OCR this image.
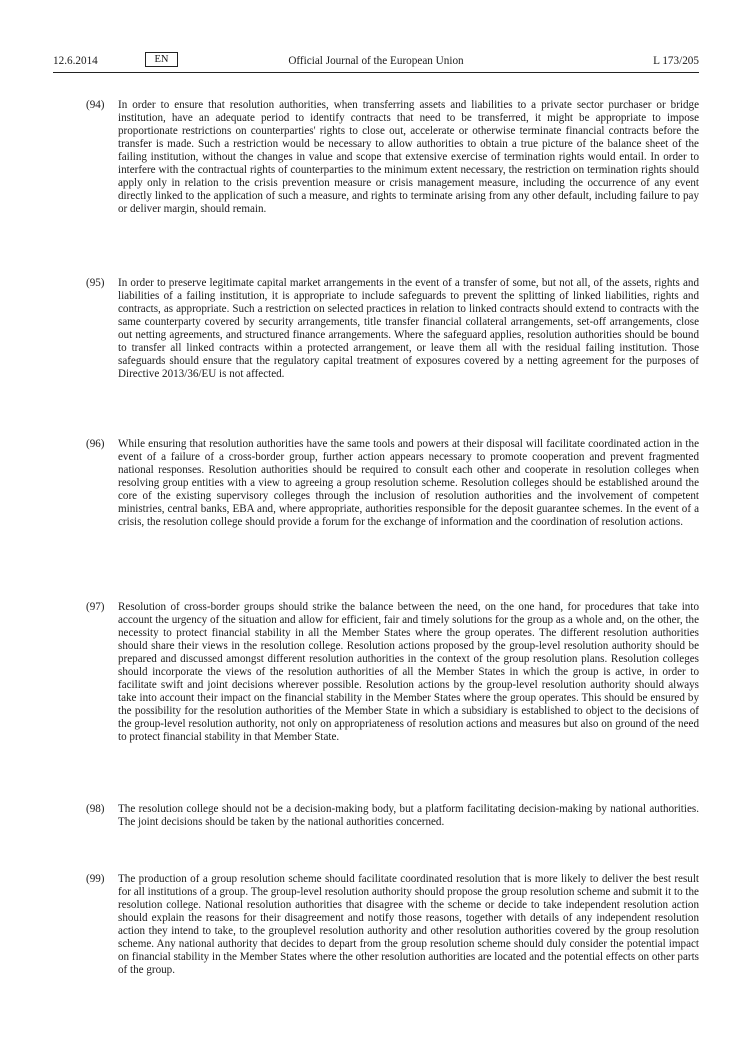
12.6.2014	EN	Official Journal of the European Union	L 173/205
(94) In order to ensure that resolution authorities, when transferring assets and liabilities to a private sector purchaser or bridge institution, have an adequate period to identify contracts that need to be transferred, it might be appropriate to impose proportionate restrictions on counterparties' rights to close out, accelerate or otherwise terminate financial contracts before the transfer is made. Such a restriction would be necessary to allow authorities to obtain a true picture of the balance sheet of the failing institution, without the changes in value and scope that extensive exercise of termination rights would entail. In order to interfere with the contractual rights of counterparties to the minimum extent necessary, the restriction on termination rights should apply only in relation to the crisis prevention measure or crisis management measure, including the occurrence of any event directly linked to the application of such a measure, and rights to terminate arising from any other default, including failure to pay or deliver margin, should remain.
(95) In order to preserve legitimate capital market arrangements in the event of a transfer of some, but not all, of the assets, rights and liabilities of a failing institution, it is appropriate to include safeguards to prevent the splitting of linked liabilities, rights and contracts, as appropriate. Such a restriction on selected practices in relation to linked contracts should extend to contracts with the same counterparty covered by security arrangements, title transfer financial collateral arrangements, set-off arrangements, close out netting agreements, and structured finance arrangements. Where the safeguard applies, resolution authorities should be bound to transfer all linked contracts within a protected arrangement, or leave them all with the residual failing institution. Those safeguards should ensure that the regulatory capital treatment of exposures covered by a netting agreement for the purposes of Directive 2013/36/EU is not affected.
(96) While ensuring that resolution authorities have the same tools and powers at their disposal will facilitate coordinated action in the event of a failure of a cross-border group, further action appears necessary to promote cooperation and prevent fragmented national responses. Resolution authorities should be required to consult each other and cooperate in resolution colleges when resolving group entities with a view to agreeing a group resolution scheme. Resolution colleges should be established around the core of the existing supervisory colleges through the inclusion of resolution authorities and the involvement of competent ministries, central banks, EBA and, where appropriate, authorities responsible for the deposit guarantee schemes. In the event of a crisis, the resolution college should provide a forum for the exchange of information and the coordination of resolution actions.
(97) Resolution of cross-border groups should strike the balance between the need, on the one hand, for procedures that take into account the urgency of the situation and allow for efficient, fair and timely solutions for the group as a whole and, on the other, the necessity to protect financial stability in all the Member States where the group operates. The different resolution authorities should share their views in the resolution college. Resolution actions proposed by the group-level resolution authority should be prepared and discussed amongst different resolution authorities in the context of the group resolution plans. Resolution colleges should incorporate the views of the resolution authorities of all the Member States in which the group is active, in order to facilitate swift and joint decisions wherever possible. Resolution actions by the group-level resolution authority should always take into account their impact on the financial stability in the Member States where the group operates. This should be ensured by the possibility for the resolution authorities of the Member State in which a subsidiary is established to object to the decisions of the group-level resolution authority, not only on appropriateness of resolution actions and measures but also on ground of the need to protect financial stability in that Member State.
(98) The resolution college should not be a decision-making body, but a platform facilitating decision-making by national authorities. The joint decisions should be taken by the national authorities concerned.
(99) The production of a group resolution scheme should facilitate coordinated resolution that is more likely to deliver the best result for all institutions of a group. The group-level resolution authority should propose the group resolution scheme and submit it to the resolution college. National resolution authorities that disagree with the scheme or decide to take independent resolution action should explain the reasons for their disagreement and notify those reasons, together with details of any independent resolution action they intend to take, to the grouplevel resolution authority and other resolution authorities covered by the group resolution scheme. Any national authority that decides to depart from the group resolution scheme should duly consider the potential impact on financial stability in the Member States where the other resolution authorities are located and the potential effects on other parts of the group.
